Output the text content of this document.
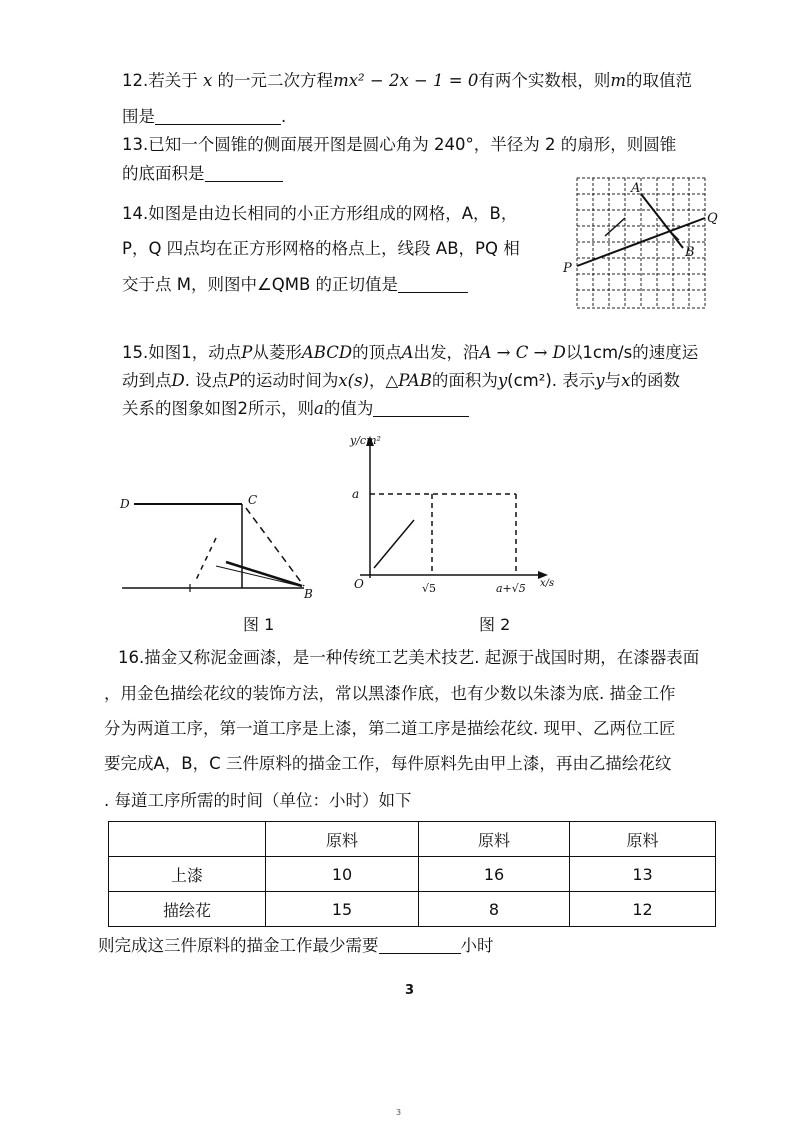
12.若关于 x 的一元二次方程mx² − 2x − 1 = 0有两个实数根，则m的取值范
围是	.
13.已知一个圆锥的侧面展开图是圆心角为 240°，半径为 2 的扇形，则圆锥
的底面积是
14.如图是由边长相同的小正方形组成的网格，A，B，
P，Q 四点均在正方形网格的格点上，线段 AB，PQ 相
交于点 M，则图中∠QMB 的正切值是
A
B
P
Q
15.如图1，动点P从菱形ABCD的顶点A出发，沿A → C → D以1cm/s的速度运
动到点D. 设点P的运动时间为x(s)，△PAB的面积为y(cm²). 表示y与x的函数
关系的图象如图2所示，则a的值为
D	C
B
图 1
y/cm²
x/s
a
O	√5	a+√5
图 2
16.描金又称泥金画漆，是一种传统工艺美术技艺. 起源于战国时期，在漆器表面
，用金色描绘花纹的装饰方法，常以黑漆作底，也有少数以朱漆为底. 描金工作
分为两道工序，第一道工序是上漆，第二道工序是描绘花纹. 现甲、乙两位工匠
要完成A，B，C 三件原料的描金工作，每件原料先由甲上漆，再由乙描绘花纹
. 每道工序所需的时间（单位：小时）如下
	原料	原料	原料
上漆	10	16	13
描绘花	15	8	12
则完成这三件原料的描金工作最少需要	小时
3
3
